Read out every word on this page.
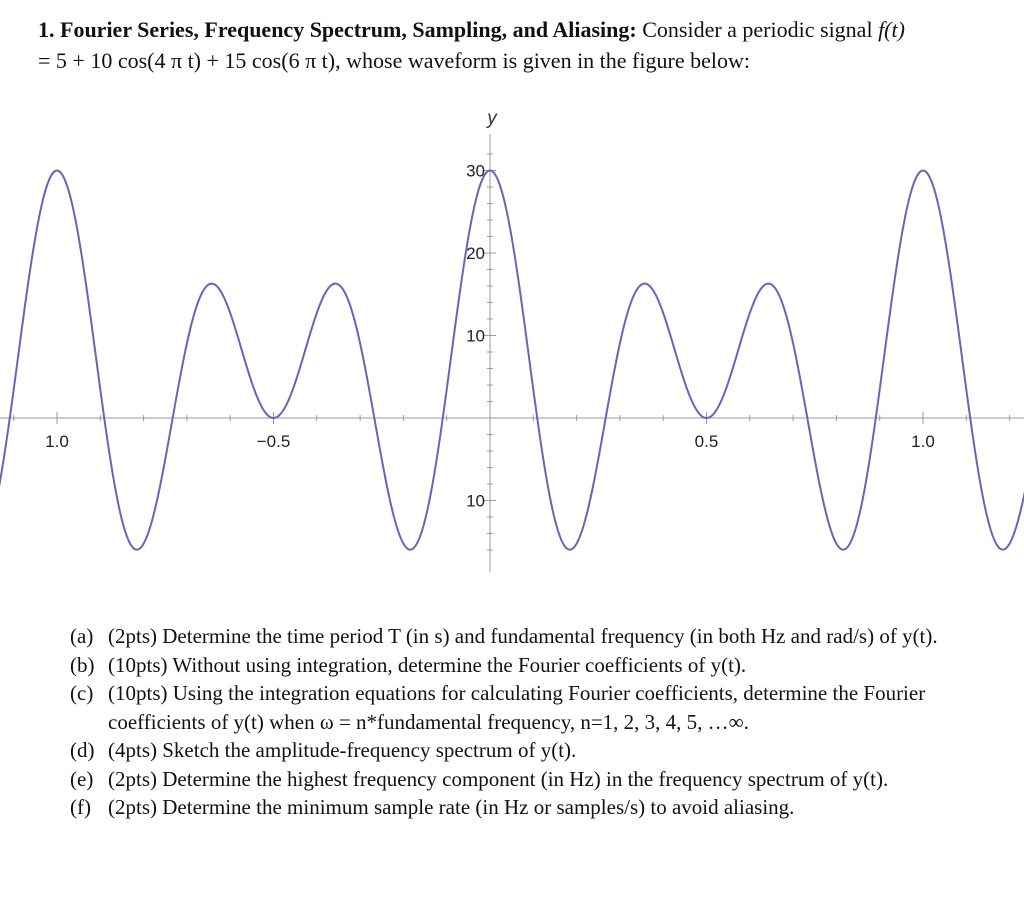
1. Fourier Series, Frequency Spectrum, Sampling, and Aliasing: Consider a periodic signal f(t)
= 5 + 10 cos(4 π t) + 15 cos(6 π t), whose waveform is given in the figure below:
1.0	−0.5	0.5	1.0
30
20
10
10
y
(a) (2pts) Determine the time period T (in s) and fundamental frequency (in both Hz and rad/s) of y(t).
(b) (10pts) Without using integration, determine the Fourier coefficients of y(t).
(c) (10pts) Using the integration equations for calculating Fourier coefficients, determine the Fourier coefficients of y(t) when ω = n*fundamental frequency, n=1, 2, 3, 4, 5, …∞.
(d) (4pts) Sketch the amplitude-frequency spectrum of y(t).
(e) (2pts) Determine the highest frequency component (in Hz) in the frequency spectrum of y(t).
(f) (2pts) Determine the minimum sample rate (in Hz or samples/s) to avoid aliasing.
